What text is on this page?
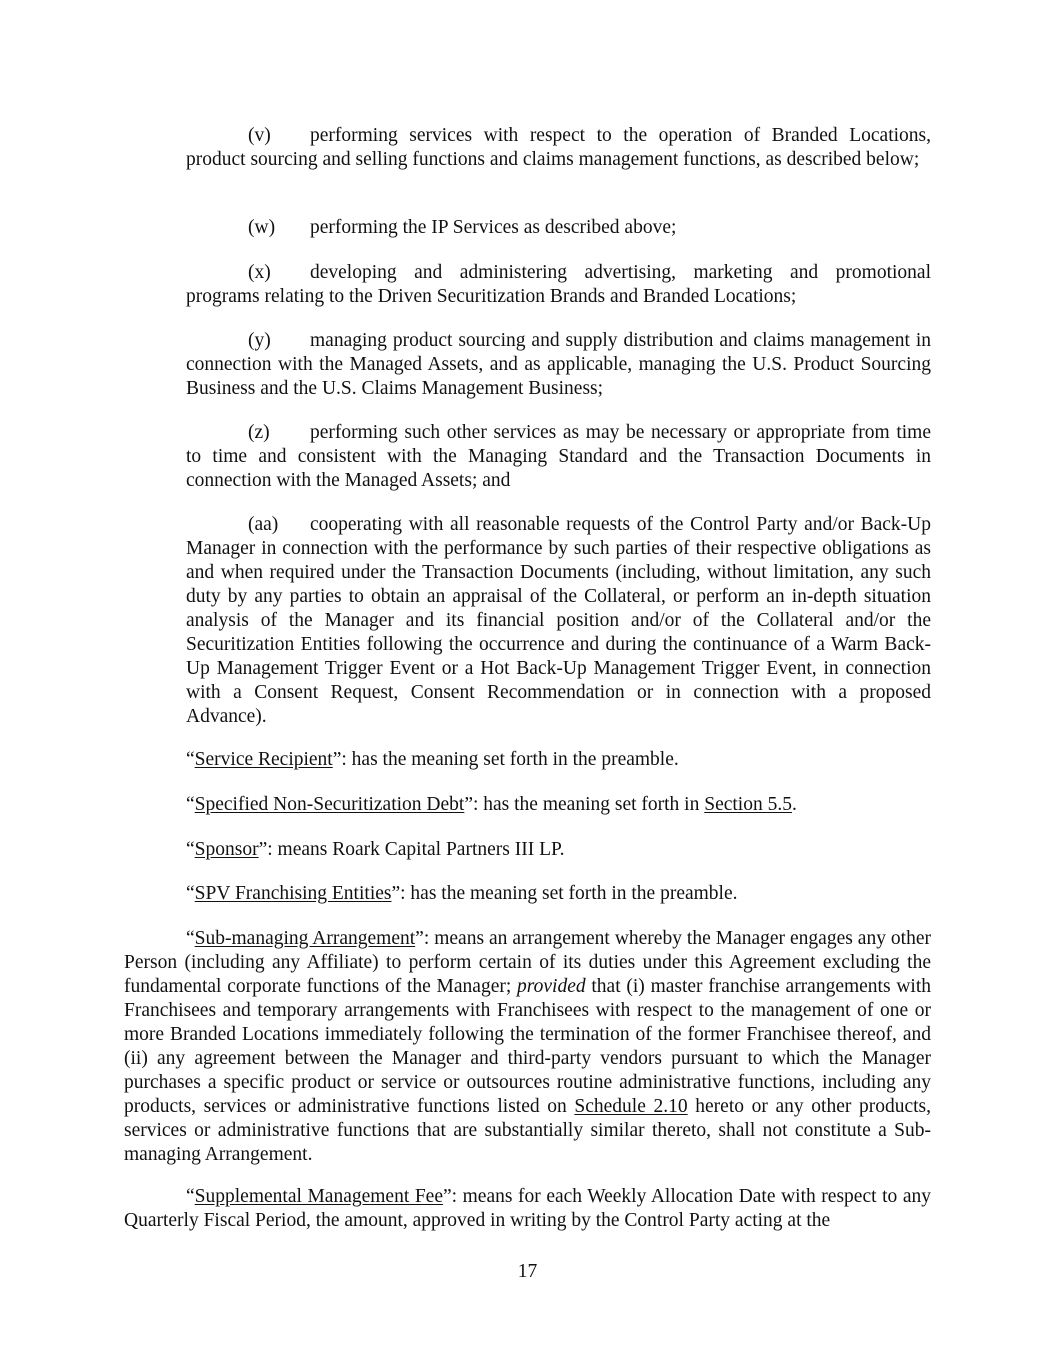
(v) performing services with respect to the operation of Branded Locations, product sourcing and selling functions and claims management functions, as described below;

(w) performing the IP Services as described above;

(x) developing and administering advertising, marketing and promotional programs relating to the Driven Securitization Brands and Branded Locations;

(y) managing product sourcing and supply distribution and claims management in connection with the Managed Assets, and as applicable, managing the U.S. Product Sourcing Business and the U.S. Claims Management Business;

(z) performing such other services as may be necessary or appropriate from time to time and consistent with the Managing Standard and the Transaction Documents in connection with the Managed Assets; and

(aa) cooperating with all reasonable requests of the Control Party and/or Back-Up Manager in connection with the performance by such parties of their respective obligations as and when required under the Transaction Documents (including, without limitation, any such duty by any parties to obtain an appraisal of the Collateral, or perform an in-depth situation analysis of the Manager and its financial position and/or of the Collateral and/or the Securitization Entities following the occurrence and during the continuance of a Warm Back-Up Management Trigger Event or a Hot Back-Up Management Trigger Event, in connection with a Consent Request, Consent Recommendation or in connection with a proposed Advance).

“Service Recipient”: has the meaning set forth in the preamble.

“Specified Non-Securitization Debt”: has the meaning set forth in Section 5.5.

“Sponsor”: means Roark Capital Partners III LP.

“SPV Franchising Entities”: has the meaning set forth in the preamble.

“Sub-managing Arrangement”: means an arrangement whereby the Manager engages any other Person (including any Affiliate) to perform certain of its duties under this Agreement excluding the fundamental corporate functions of the Manager; provided that (i) master franchise arrangements with Franchisees and temporary arrangements with Franchisees with respect to the management of one or more Branded Locations immediately following the termination of the former Franchisee thereof, and (ii) any agreement between the Manager and third-party vendors pursuant to which the Manager purchases a specific product or service or outsources routine administrative functions, including any products, services or administrative functions listed on Schedule 2.10 hereto or any other products, services or administrative functions that are substantially similar thereto, shall not constitute a Sub-managing Arrangement.

“Supplemental Management Fee”: means for each Weekly Allocation Date with respect to any Quarterly Fiscal Period, the amount, approved in writing by the Control Party acting at the

17
